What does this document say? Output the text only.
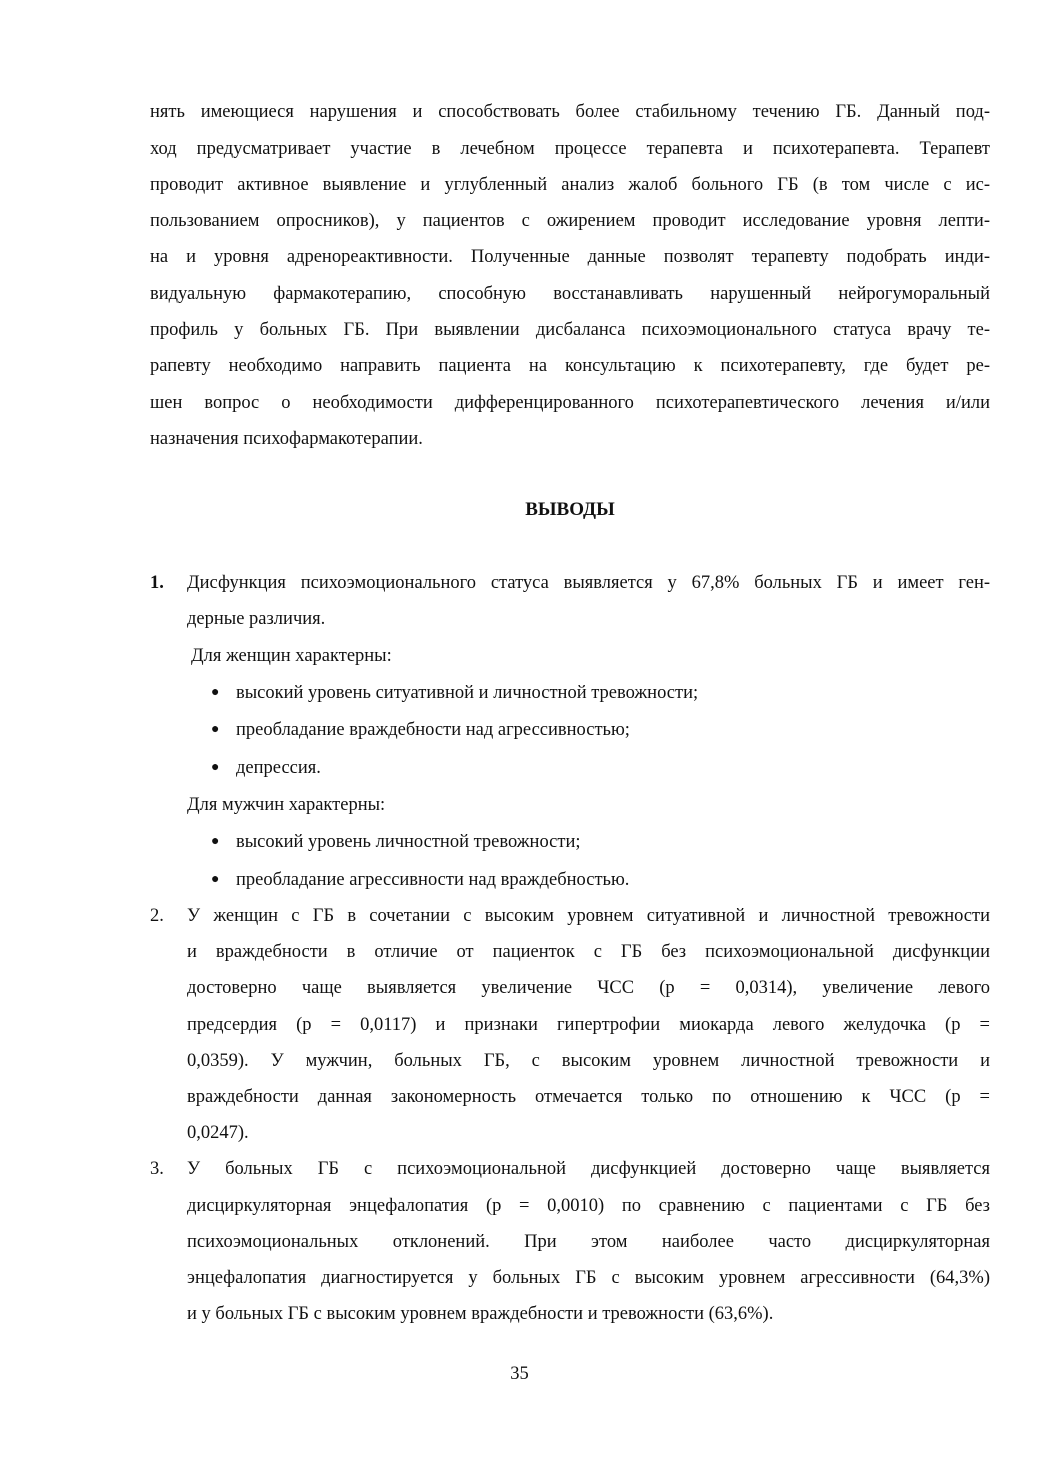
нять имеющиеся нарушения и способствовать более стабильному течению ГБ. Данный под-
ход предусматривает участие в лечебном процессе терапевта и психотерапевта. Терапевт
проводит активное выявление и углубленный анализ жалоб больного ГБ (в том числе с ис-
пользованием опросников), у пациентов с ожирением проводит исследование уровня лепти-
на и уровня адренореактивности. Полученные данные позволят терапевту подобрать инди-
видуальную фармакотерапию, способную восстанавливать нарушенный нейрогуморальный
профиль у больных ГБ. При выявлении дисбаланса психоэмоционального статуса врачу те-
рапевту необходимо направить пациента на консультацию к психотерапевту, где будет ре-
шен вопрос о необходимости дифференцированного психотерапевтического лечения и/или
назначения психофармакотерапии.
ВЫВОДЫ
1. Дисфункция психоэмоционального статуса выявляется у 67,8% больных ГБ и имеет ген-
дерные различия.
Для женщин характерны:
● высокий уровень ситуативной и личностной тревожности;
● преобладание враждебности над агрессивностью;
● депрессия.
Для мужчин характерны:
● высокий уровень личностной тревожности;
● преобладание агрессивности над враждебностью.
2. У женщин с ГБ в сочетании с высоким уровнем ситуативной и личностной тревожности
и враждебности в отличие от пациенток с ГБ без психоэмоциональной дисфункции
достоверно чаще выявляется увеличение ЧСС (р = 0,0314), увеличение левого
предсердия (р = 0,0117) и признаки гипертрофии миокарда левого желудочка (р =
0,0359). У мужчин, больных ГБ, с высоким уровнем личностной тревожности и
враждебности данная закономерность отмечается только по отношению к ЧСС (р =
0,0247).
3. У больных ГБ с психоэмоциональной дисфункцией достоверно чаще выявляется
дисциркуляторная энцефалопатия (р = 0,0010) по сравнению с пациентами с ГБ без
психоэмоциональных отклонений. При этом наиболее часто дисциркуляторная
энцефалопатия диагностируется у больных ГБ с высоким уровнем агрессивности (64,3%)
и у больных ГБ с высоким уровнем враждебности и тревожности (63,6%).
35
